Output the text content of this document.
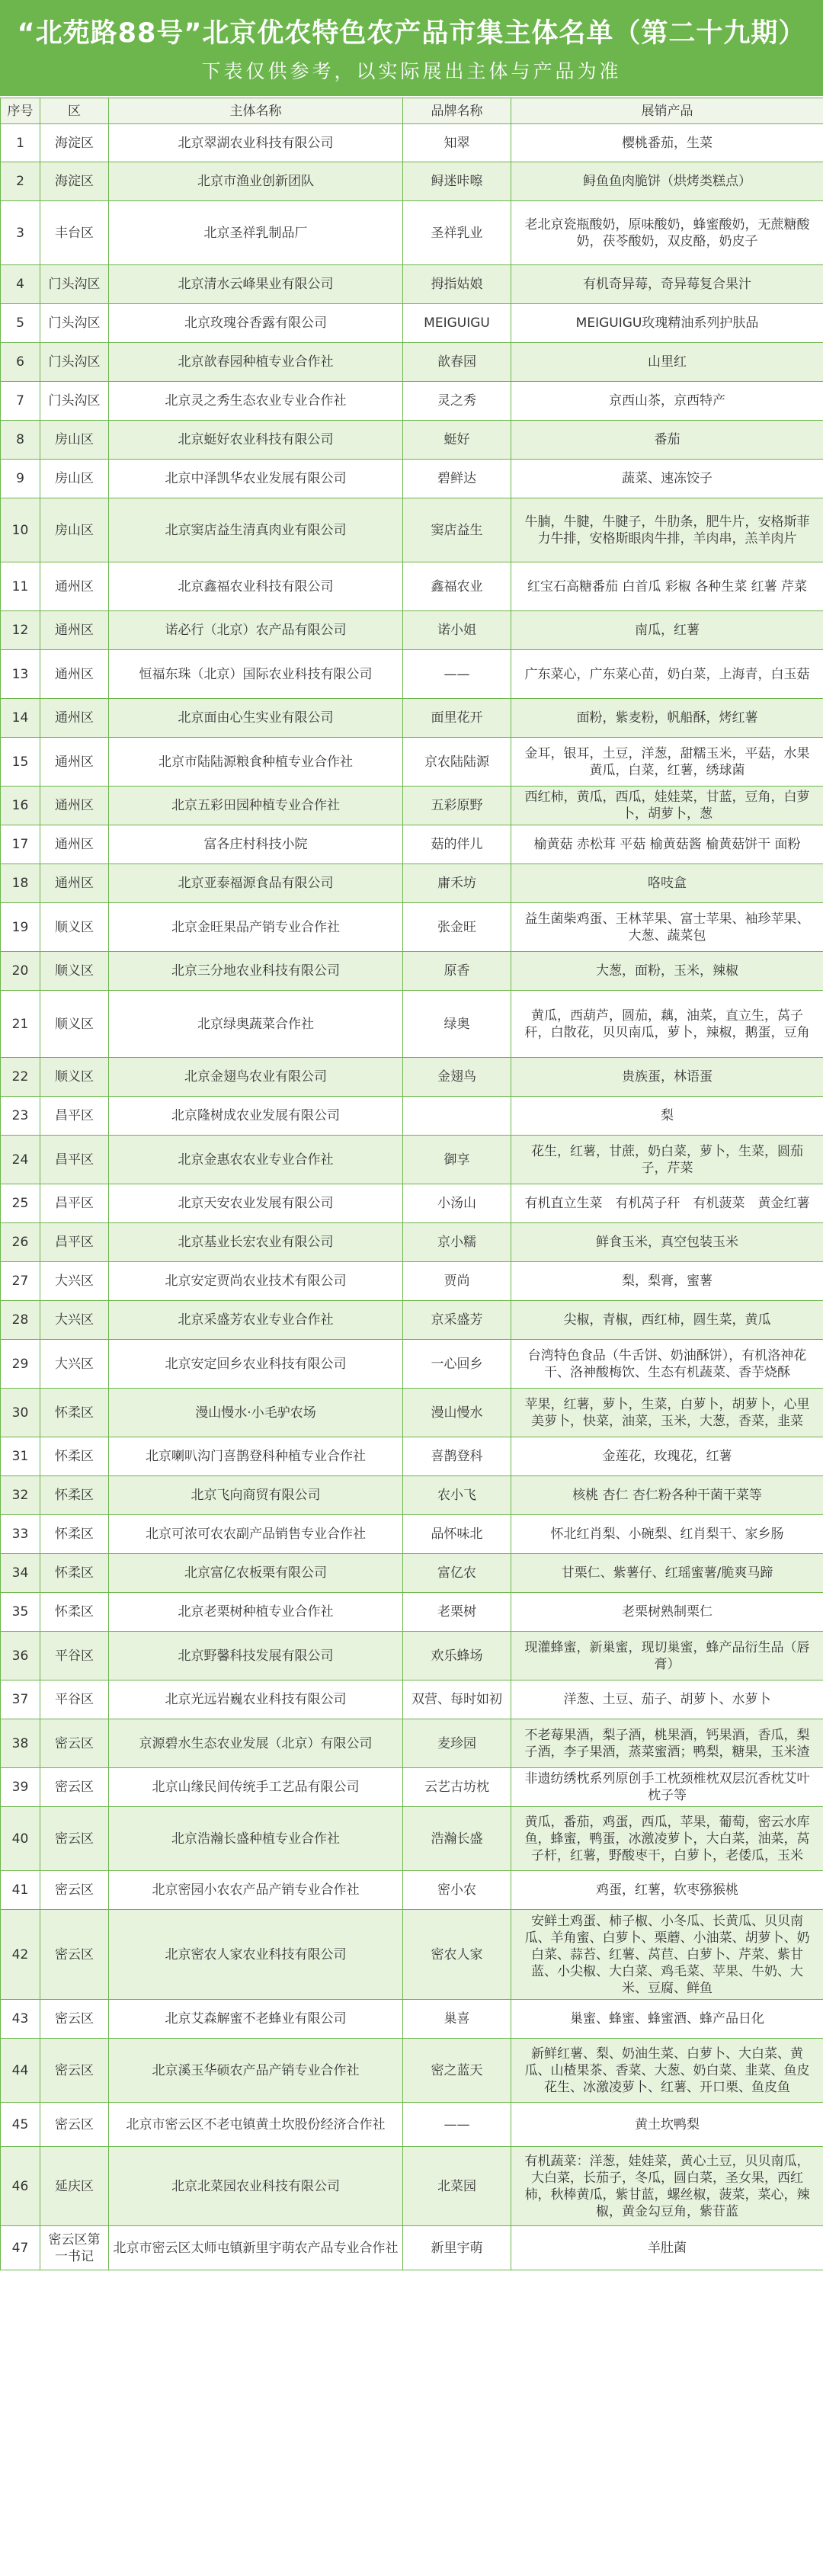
“北苑路88号”北京优农特色农产品市集主体名单（第二十九期）
下表仅供参考，以实际展出主体与产品为准
序号	区	主体名称	品牌名称	展销产品
1	海淀区	北京翠湖农业科技有限公司	知翠	樱桃番茄，生菜
2	海淀区	北京市渔业创新团队	鲟迷咔嚓	鲟鱼鱼肉脆饼（烘烤类糕点）
3	丰台区	北京圣祥乳制品厂	圣祥乳业	老北京瓷瓶酸奶，原味酸奶，蜂蜜酸奶，无蔗糖酸奶，茯苓酸奶，双皮酪，奶皮子
4	门头沟区	北京清水云峰果业有限公司	拇指姑娘	有机奇异莓，奇异莓复合果汁
5	门头沟区	北京玫瑰谷香露有限公司	MEIGUIGU	MEIGUIGU玫瑰精油系列护肤品
6	门头沟区	北京歆春园种植专业合作社	歆春园	山里红
7	门头沟区	北京灵之秀生态农业专业合作社	灵之秀	京西山茶，京西特产
8	房山区	北京蜓好农业科技有限公司	蜓好	番茄
9	房山区	北京中泽凯华农业发展有限公司	碧鲜达	蔬菜、速冻饺子
10	房山区	北京窦店益生清真肉业有限公司	窦店益生	牛腩，牛腱，牛腱子，牛肋条，肥牛片，安格斯菲力牛排，安格斯眼肉牛排，羊肉串，羔羊肉片
11	通州区	北京鑫福农业科技有限公司	鑫福农业	红宝石高糖番茄 白首瓜 彩椒 各种生菜 红薯 芹菜
12	通州区	诺必行（北京）农产品有限公司	诺小姐	南瓜，红薯
13	通州区	恒福东珠（北京）国际农业科技有限公司	——	广东菜心，广东菜心苗，奶白菜，上海青，白玉菇
14	通州区	北京面由心生实业有限公司	面里花开	面粉，紫麦粉，帆船酥，烤红薯
15	通州区	北京市陆陆源粮食种植专业合作社	京农陆陆源	金耳，银耳，土豆，洋葱，甜糯玉米，平菇，水果黄瓜，白菜，红薯，绣球菌
16	通州区	北京五彩田园种植专业合作社	五彩原野	西红柿，黄瓜，西瓜，娃娃菜，甘蓝，豆角，白萝卜，胡萝卜，葱
17	通州区	富各庄村科技小院	菇的伴儿	榆黄菇 赤松茸 平菇 榆黄菇酱 榆黄菇饼干 面粉
18	通州区	北京亚泰福源食品有限公司	庸禾坊	咯吱盒
19	顺义区	北京金旺果品产销专业合作社	张金旺	益生菌柴鸡蛋、王林苹果、富士苹果、袖珍苹果、大葱、蔬菜包
20	顺义区	北京三分地农业科技有限公司	原香	大葱，面粉，玉米，辣椒
21	顺义区	北京绿奥蔬菜合作社	绿奥	黄瓜，西葫芦，圆茄，藕，油菜，直立生，莴子秆，白散花，贝贝南瓜，萝卜，辣椒，鹅蛋，豆角
22	顺义区	北京金翅鸟农业有限公司	金翅鸟	贵族蛋，林语蛋
23	昌平区	北京隆树成农业发展有限公司		梨
24	昌平区	北京金惠农农业专业合作社	御享	花生，红薯，甘蔗，奶白菜，萝卜，生菜，圆茄子，芹菜
25	昌平区	北京天安农业发展有限公司	小汤山	有机直立生菜　有机莴子秆　有机菠菜　黄金红薯
26	昌平区	北京基业长宏农业有限公司	京小糯	鲜食玉米，真空包装玉米
27	大兴区	北京安定贾尚农业技术有限公司	贾尚	梨，梨膏，蜜薯
28	大兴区	北京采盛芳农业专业合作社	京采盛芳	尖椒，青椒，西红柿，圆生菜，黄瓜
29	大兴区	北京安定回乡农业科技有限公司	一心回乡	台湾特色食品（牛舌饼、奶油酥饼），有机洛神花干、洛神酸梅饮、生态有机蔬菜、香芋烧酥
30	怀柔区	漫山慢水·小毛驴农场	漫山慢水	苹果，红薯，萝卜，生菜，白萝卜，胡萝卜，心里美萝卜，快菜，油菜，玉米，大葱，香菜，韭菜
31	怀柔区	北京喇叭沟门喜鹊登科种植专业合作社	喜鹊登科	金莲花，玫瑰花，红薯
32	怀柔区	北京飞向商贸有限公司	农小飞	核桃 杏仁 杏仁粉各种干菌干菜等
33	怀柔区	北京可浓可农农副产品销售专业合作社	品怀味北	怀北红肖梨、小碗梨、红肖梨干、家乡肠
34	怀柔区	北京富亿农板栗有限公司	富亿农	甘栗仁、紫薯仔、红瑶蜜薯/脆爽马蹄
35	怀柔区	北京老栗树种植专业合作社	老栗树	老栗树熟制栗仁
36	平谷区	北京野馨科技发展有限公司	欢乐蜂场	现灌蜂蜜，新巢蜜，现切巢蜜，蜂产品衍生品（唇膏）
37	平谷区	北京光远岩巍农业科技有限公司	双营、每时如初	洋葱、土豆、茄子、胡萝卜、水萝卜
38	密云区	京源碧水生态农业发展（北京）有限公司	麦珍园	不老莓果酒，梨子酒，桃果酒，钙果酒，香瓜，梨子酒，李子果酒，蒸菜蜜酒；鸭梨，糖果，玉米渣
39	密云区	北京山缘民间传统手工艺品有限公司	云艺古坊枕	非遗纺绣枕系列原创手工枕颈椎枕双层沉香枕艾叶枕子等
40	密云区	北京浩瀚长盛种植专业合作社	浩瀚长盛	黄瓜，番茄，鸡蛋，西瓜，苹果，葡萄，密云水库鱼，蜂蜜，鸭蛋，冰激凌萝卜，大白菜，油菜，莴子杆，红薯，野酸枣干，白萝卜，老倭瓜，玉米
41	密云区	北京密园小农农产品产销专业合作社	密小农	鸡蛋，红薯，软枣猕猴桃
42	密云区	北京密农人家农业科技有限公司	密农人家	安鲜土鸡蛋、柿子椒、小冬瓜、长黄瓜、贝贝南瓜、羊角蜜、白萝卜、栗蘑、小油菜、胡萝卜、奶白菜、蒜苔、红薯、莴苣、白萝卜、芹菜、紫甘蓝、小尖椒、大白菜、鸡毛菜、苹果、牛奶、大米、豆腐、鲜鱼
43	密云区	北京艾森解蜜不老蜂业有限公司	巢喜	巢蜜、蜂蜜、蜂蜜酒、蜂产品日化
44	密云区	北京溪玉华硕农产品产销专业合作社	密之蓝天	新鲜红薯、梨、奶油生菜、白萝卜、大白菜、黄瓜、山楂果茶、香菜、大葱、奶白菜、韭菜、鱼皮花生、冰激凌萝卜、红薯、开口栗、鱼皮鱼
45	密云区	北京市密云区不老屯镇黄土坎股份经济合作社	——	黄土坎鸭梨
46	延庆区	北京北菜园农业科技有限公司	北菜园	有机蔬菜：洋葱，娃娃菜，黄心土豆，贝贝南瓜，大白菜，长茄子，冬瓜，圆白菜，圣女果，西红柿，秋棒黄瓜，紫甘蓝，螺丝椒，菠菜，菜心，辣椒，黄金勾豆角，紫苷蓝
47	密云区第一书记	北京市密云区太师屯镇新里宇萌农产品专业合作社	新里宇萌	羊肚菌
